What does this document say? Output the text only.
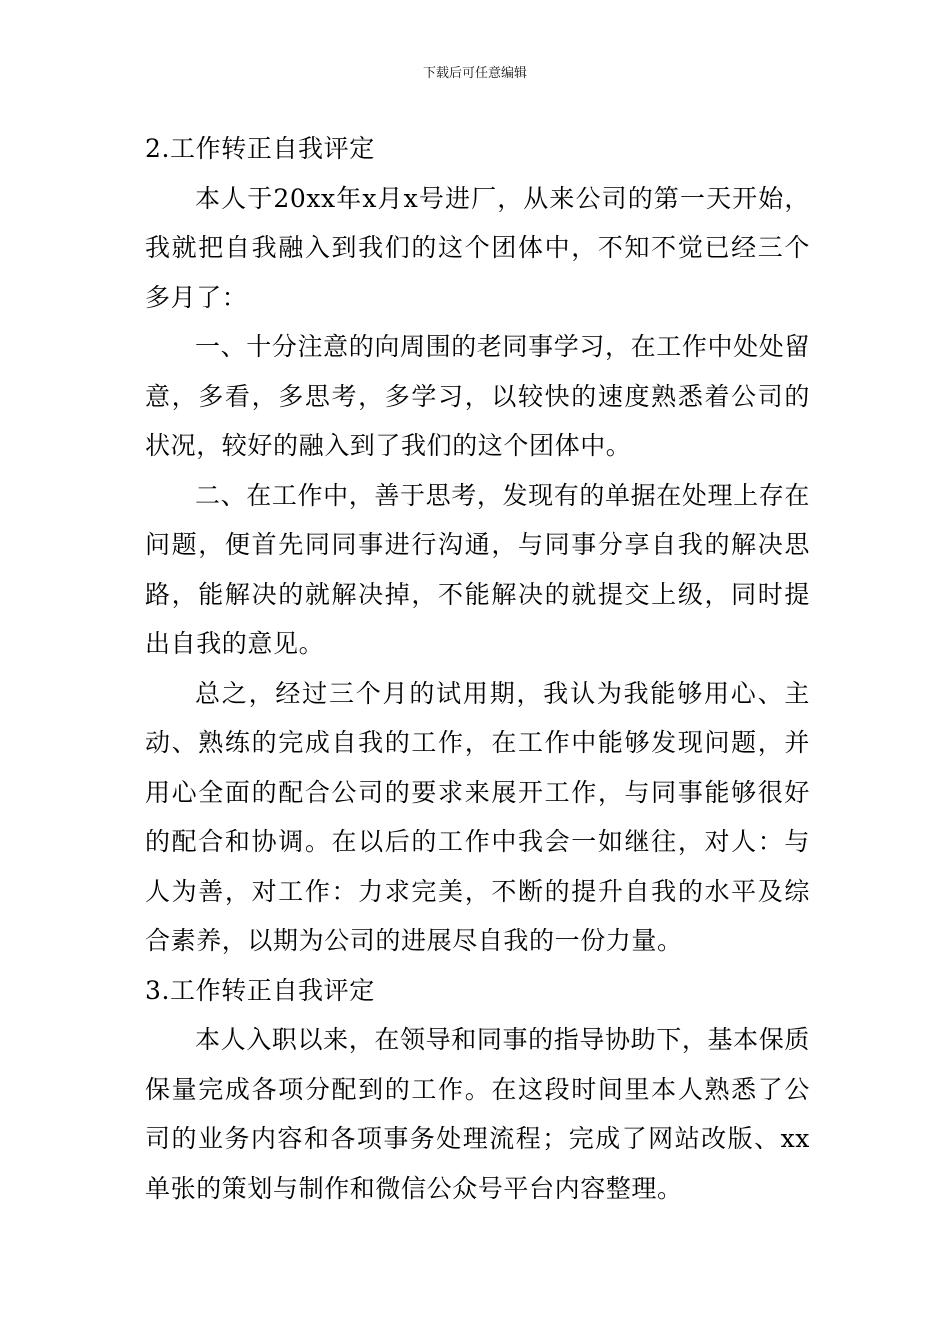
下载后可任意编辑

2.工作转正自我评定

本人于20xx年x月x号进厂，从来公司的第一天开始，我就把自我融入到我们的这个团体中，不知不觉已经三个多月了：

一、十分注意的向周围的老同事学习，在工作中处处留意，多看，多思考，多学习，以较快的速度熟悉着公司的状况，较好的融入到了我们的这个团体中。

二、在工作中，善于思考，发现有的单据在处理上存在问题，便首先同同事进行沟通，与同事分享自我的解决思路，能解决的就解决掉，不能解决的就提交上级，同时提出自我的意见。

总之，经过三个月的试用期，我认为我能够用心、主动、熟练的完成自我的工作，在工作中能够发现问题，并用心全面的配合公司的要求来展开工作，与同事能够很好的配合和协调。在以后的工作中我会一如继往，对人：与人为善，对工作：力求完美，不断的提升自我的水平及综合素养，以期为公司的进展尽自我的一份力量。

3.工作转正自我评定

本人入职以来，在领导和同事的指导协助下，基本保质保量完成各项分配到的工作。在这段时间里本人熟悉了公司的业务内容和各项事务处理流程；完成了网站改版、xx单张的策划与制作和微信公众号平台内容整理。
